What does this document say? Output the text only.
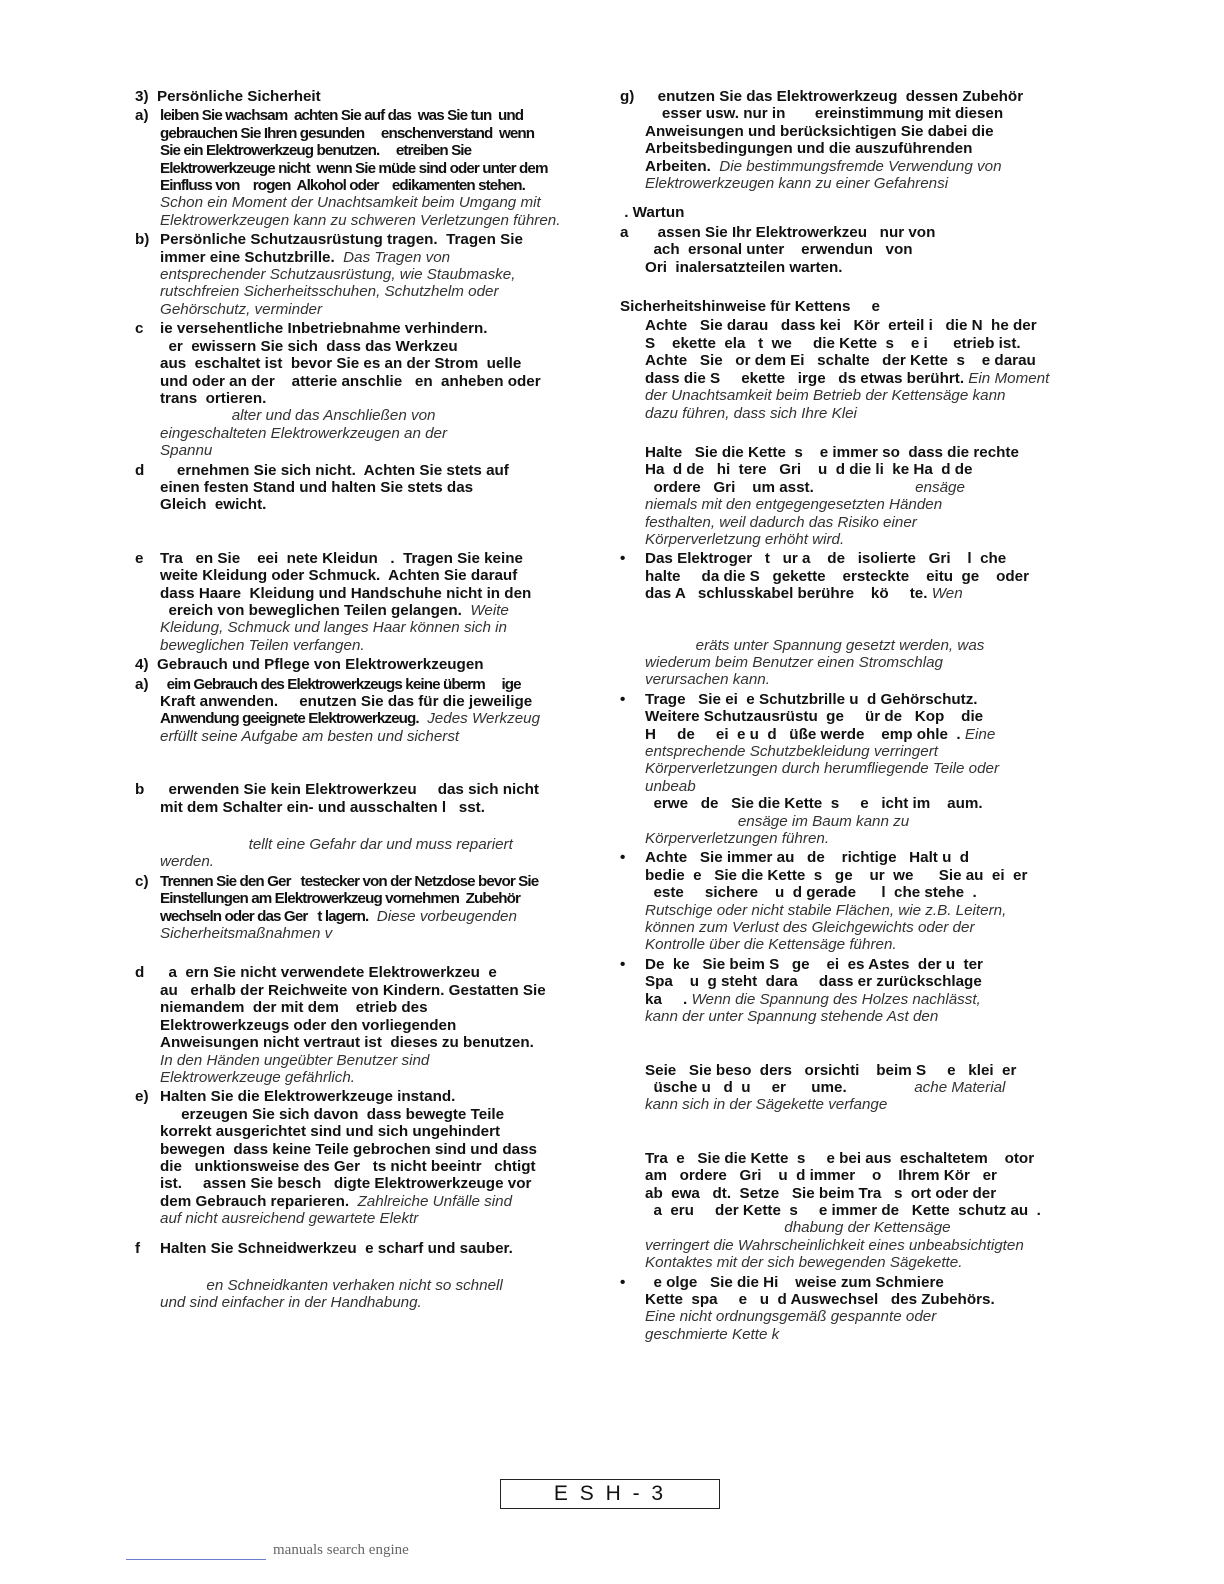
3)  Persönliche Sicherheit
a) leiben Sie wachsam  achten Sie auf das  was Sie tun  und
gebrauchen Sie Ihren gesunden     enschenverstand  wenn
Sie ein Elektrowerkzeug benutzen.     etreiben Sie
Elektrowerkzeuge nicht  wenn Sie müde sind oder unter dem
Einfluss von    rogen  Alkohol oder    edikamenten stehen.
Schon ein Moment der Unachtsamkeit beim Umgang mit
Elektrowerkzeugen kann zu schweren Verletzungen führen.
b) Persönliche Schutzausrüstung tragen.  Tragen Sie
immer eine Schutzbrille. Das Tragen von
entsprechender Schutzausrüstung, wie Staubmaske,
rutschfreien Sicherheitsschuhen, Schutzhelm oder
Gehörschutz, verminder
c ie versehentliche Inbetriebnahme verhindern.
er  ewissern Sie sich  dass das Werkzeu
aus  eschaltet ist  bevor Sie es an der Strom  uelle
und oder an der    atterie anschlie   en  anheben oder
trans  ortieren.
alter und das Anschließen von
eingeschalteten Elektrowerkzeugen an der
Spannu
d ernehmen Sie sich nicht.  Achten Sie stets auf
einen festen Stand und halten Sie stets das
Gleich  ewicht.
e Tra   en Sie    eei  nete Kleidun   .  Tragen Sie keine
weite Kleidung oder Schmuck.  Achten Sie darauf
dass Haare  Kleidung und Handschuhe nicht in den
ereich von beweglichen Teilen gelangen. Weite
Kleidung, Schmuck und langes Haar können sich in
beweglichen Teilen verfangen.
4)  Gebrauch und Pflege von Elektrowerkzeugen
a) eim Gebrauch des Elektrowerkzeugs keine überm     ige
Kraft anwenden.     enutzen Sie das für die jeweilige
Anwendung geeignete Elektrowerkzeug. Jedes Werkzeug
erfüllt seine Aufgabe am besten und sicherst
b erwenden Sie kein Elektrowerkzeu     das sich nicht
mit dem Schalter ein- und ausschalten l   sst.
tellt eine Gefahr dar und muss repariert
werden.
c) Trennen Sie den Ger   testecker von der Netzdose bevor Sie
Einstellungen am Elektrowerkzeug vornehmen  Zubehör
wechseln oder das Ger   t lagern. Diese vorbeugenden
Sicherheitsmaßnahmen v
d a  ern Sie nicht verwendete Elektrowerkzeu  e
au   erhalb der Reichweite von Kindern. Gestatten Sie
niemandem  der mit dem    etrieb des
Elektrowerkzeugs oder den vorliegenden
Anweisungen nicht vertraut ist  dieses zu benutzen.
In den Händen ungeübter Benutzer sind
Elektrowerkzeuge gefährlich.
e) Halten Sie die Elektrowerkzeuge instand.
erzeugen Sie sich davon  dass bewegte Teile
korrekt ausgerichtet sind und sich ungehindert
bewegen  dass keine Teile gebrochen sind und dass
die   unktionsweise des Ger   ts nicht beeintr   chtigt
ist.     assen Sie besch   digte Elektrowerkzeuge vor
dem Gebrauch reparieren. Zahlreiche Unfälle sind
auf nicht ausreichend gewartete Elektr
f Halten Sie Schneidwerkzeu  e scharf und sauber.
en Schneidkanten verhaken nicht so schnell
und sind einfacher in der Handhabung.
g) enutzen Sie das Elektrowerkzeug  dessen Zubehör
esser usw. nur in       ereinstimmung mit diesen
Anweisungen und berücksichtigen Sie dabei die
Arbeitsbedingungen und die auszuführenden
Arbeiten. Die bestimmungsfremde Verwendung von
Elektrowerkzeugen kann zu einer Gefahrensi
. Wartun
a assen Sie Ihr Elektrowerkzeu   nur von
ach  ersonal unter    erwendun   von
Ori  inalersatzteilen warten.
Sicherheitshinweise für Kettens     e
Achte   Sie darau   dass kei   Kör  erteil i   die N  he der
S    ekette  ela   t  we     die Kette  s    e i      etrieb ist.
Achte   Sie   or dem Ei   schalte   der Kette  s    e darau
dass die S     ekette   irge   ds etwas berührt. Ein Moment
der Unachtsamkeit beim Betrieb der Kettensäge kann
dazu führen, dass sich Ihre Klei
Halte   Sie die Kette  s    e immer so  dass die rechte
Ha  d de   hi  tere   Gri    u  d die li  ke Ha  d de
ordere   Gri    um asst.                        ensäge
niemals mit den entgegengesetzten Händen
festhalten, weil dadurch das Risiko einer
Körperverletzung erhöht wird.
• Das Elektroger   t   ur a    de   isolierte   Gri    l  che
halte     da die S   gekette    ersteckte    eitu  ge    oder
das A   schlusskabel berühre    kö     te. Wen
eräts unter Spannung gesetzt werden, was
wiederum beim Benutzer einen Stromschlag
verursachen kann.
• Trage   Sie ei  e Schutzbrille u  d Gehörschutz.
Weitere Schutzausrüstu  ge     ür de   Kop    die
H     de     ei  e u  d   üße werde    emp ohle  . Eine
entsprechende Schutzbekleidung verringert
Körperverletzungen durch herumfliegende Teile oder
unbeab
erwe   de   Sie die Kette  s     e   icht im    aum.
ensäge im Baum kann zu
Körperverletzungen führen.
• Achte   Sie immer au   de    richtige   Halt u  d
bedie  e   Sie die Kette  s   ge    ur  we      Sie au  ei  er
este     sichere    u  d gerade      l  che stehe  .
Rutschige oder nicht stabile Flächen, wie z.B. Leitern,
können zum Verlust des Gleichgewichts oder der
Kontrolle über die Kettensäge führen.
• De  ke   Sie beim S   ge    ei  es Astes  der u  ter
Spa    u  g steht  dara     dass er zurückschlage
ka     . Wenn die Spannung des Holzes nachlässt,
kann der unter Spannung stehende Ast den
Seie   Sie beso  ders   orsichti    beim S     e   klei  er
üsche u   d  u     er      ume.                ache Material
kann sich in der Sägekette verfange
Tra  e   Sie die Kette  s     e bei aus  eschaltetem    otor
am   ordere   Gri    u  d immer    o    Ihrem Kör   er
ab  ewa   dt.  Setze   Sie beim Tra   s  ort oder der
a  eru     der Kette  s     e immer de   Kette  schutz au  .
dhabung der Kettensäge
verringert die Wahrscheinlichkeit eines unbeabsichtigten
Kontaktes mit der sich bewegenden Sägekette.
• e olge   Sie die Hi    weise zum Schmiere
Kette  spa     e   u  d Auswechsel   des Zubehörs.
Eine nicht ordnungsgemäß gespannte oder
geschmierte Kette k
E S H - 3
manuals search engine
